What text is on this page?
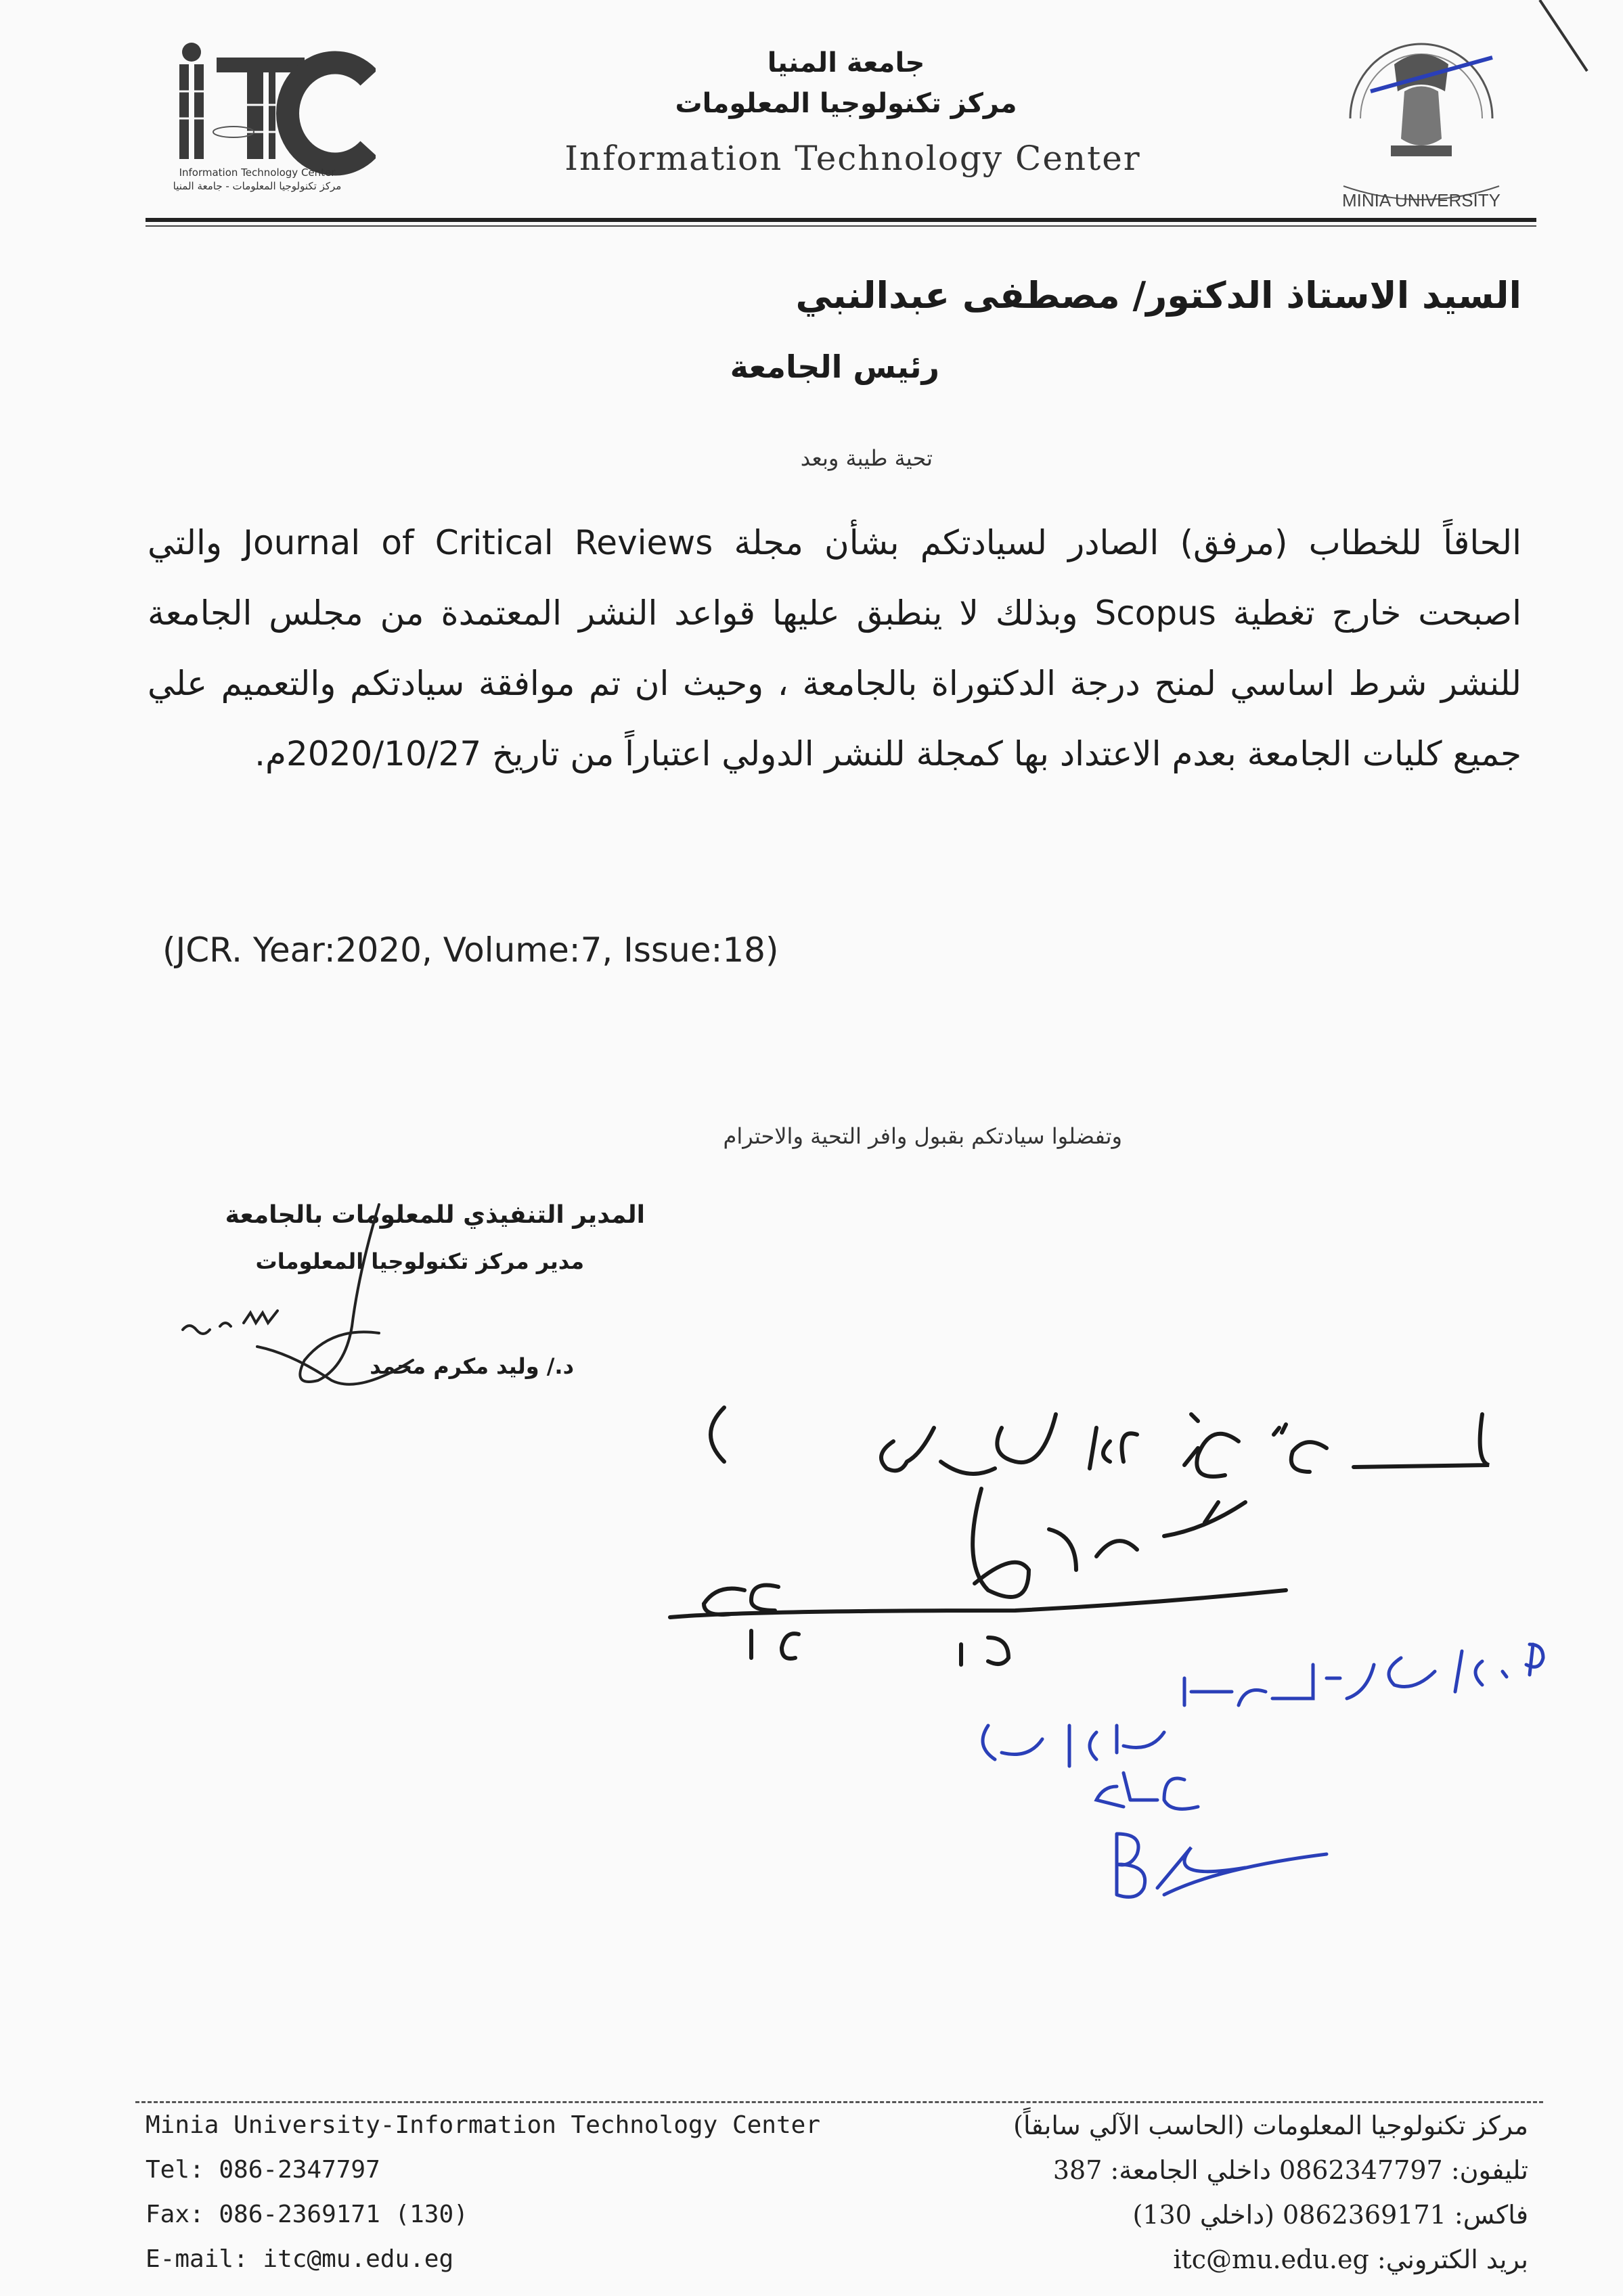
Information Technology Center
مركز تكنولوجيا المعلومات - جامعة المنيا
جامعة المنيا
مركز تكنولوجيا المعلومات
Information Technology Center
MINIA UNIVERSITY
السيد الاستاذ الدكتور/ مصطفى عبدالنبي
رئيس الجامعة
تحية طيبة وبعد
الحاقاً للخطاب (مرفق) الصادر لسيادتكم بشأن مجلة Journal of Critical Reviews والتي اصبحت خارج تغطية Scopus وبذلك لا ينطبق عليها قواعد النشر المعتمدة من مجلس الجامعة للنشر شرط اساسي لمنح درجة الدكتوراة بالجامعة ، وحيث ان تم موافقة سيادتكم والتعميم علي جميع كليات الجامعة بعدم الاعتداد بها كمجلة للنشر الدولي اعتباراً من تاريخ 2020/10/27م.
(JCR. Year:2020, Volume:7, Issue:18)
وتفضلوا سيادتكم بقبول وافر التحية والاحترام
المدير التنفيذي للمعلومات بالجامعة
مدير مركز تكنولوجيا المعلومات
د./ وليد مكرم محمد
Minia University-Information Technology Center
Tel: 086-2347797
Fax: 086-2369171 (130)
E-mail: itc@mu.edu.eg
مركز تكنولوجيا المعلومات (الحاسب الآلي سابقاً)
تليفون: 0862347797 داخلي الجامعة: 387
فاكس: 0862369171 (داخلي 130)
بريد الكتروني: itc@mu.edu.eg
